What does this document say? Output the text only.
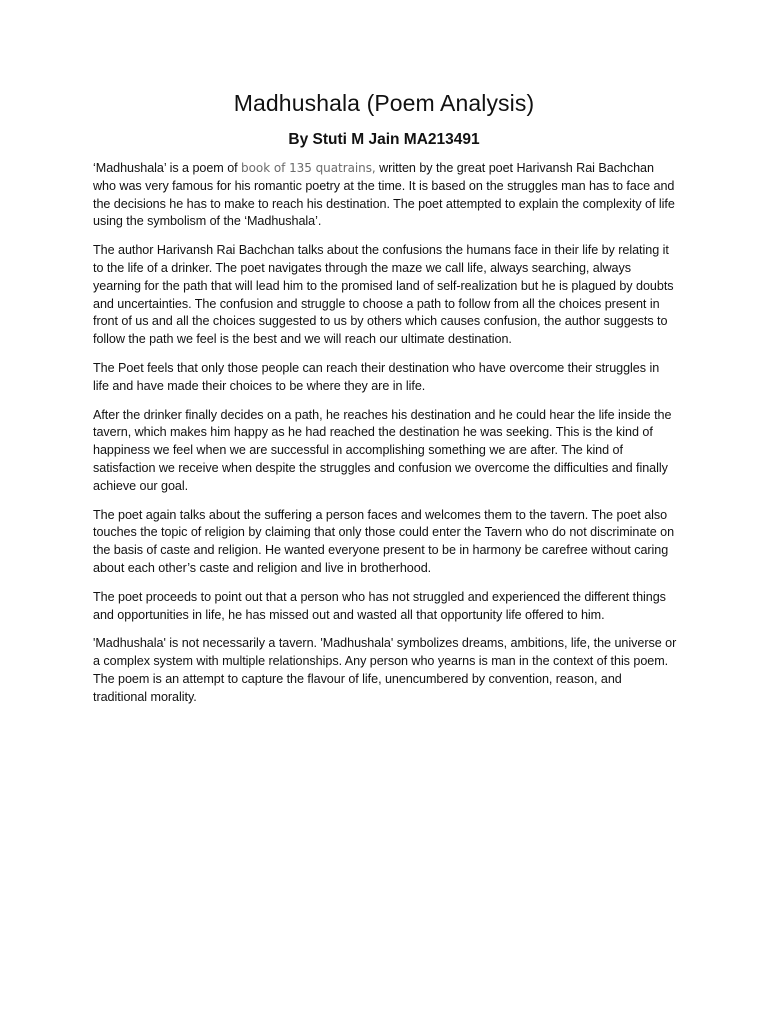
Madhushala (Poem Analysis)
By Stuti M Jain MA213491

‘Madhushala’ is a poem of book of 135 quatrains, written by the great poet Harivansh Rai Bachchan who was very famous for his romantic poetry at the time. It is based on the struggles man has to face and the decisions he has to make to reach his destination. The poet attempted to explain the complexity of life using the symbolism of the ‘Madhushala’.

The author Harivansh Rai Bachchan talks about the confusions the humans face in their life by relating it to the life of a drinker. The poet navigates through the maze we call life, always searching, always yearning for the path that will lead him to the promised land of self-realization but he is plagued by doubts and uncertainties. The confusion and struggle to choose a path to follow from all the choices present in front of us and all the choices suggested to us by others which causes confusion, the author suggests to follow the path we feel is the best and we will reach our ultimate destination.

The Poet feels that only those people can reach their destination who have overcome their struggles in life and have made their choices to be where they are in life.

After the drinker finally decides on a path, he reaches his destination and he could hear the life inside the tavern, which makes him happy as he had reached the destination he was seeking. This is the kind of happiness we feel when we are successful in accomplishing something we are after. The kind of satisfaction we receive when despite the struggles and confusion we overcome the difficulties and finally achieve our goal.

The poet again talks about the suffering a person faces and welcomes them to the tavern. The poet also touches the topic of religion by claiming that only those could enter the Tavern who do not discriminate on the basis of caste and religion. He wanted everyone present to be in harmony be carefree without caring about each other’s caste and religion and live in brotherhood.

The poet proceeds to point out that a person who has not struggled and experienced the different things and opportunities in life, he has missed out and wasted all that opportunity life offered to him.

'Madhushala' is not necessarily a tavern. 'Madhushala' symbolizes dreams, ambitions, life, the universe or a complex system with multiple relationships. Any person who yearns is man in the context of this poem. The poem is an attempt to capture the flavour of life, unencumbered by convention, reason, and traditional morality.
